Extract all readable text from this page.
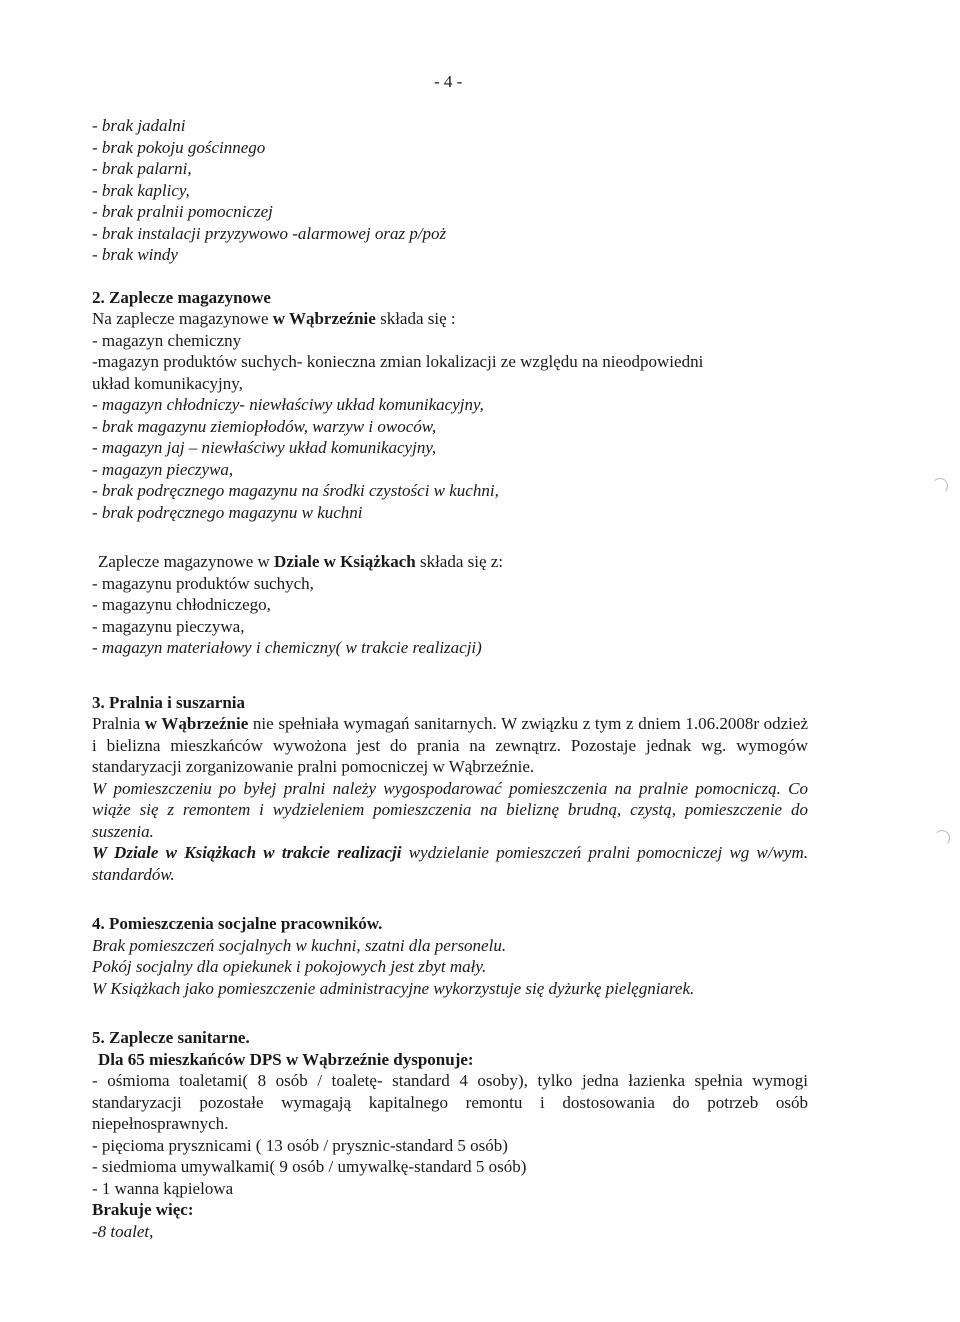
- 4 -
- brak jadalni
- brak pokoju gościnnego
- brak palarni,
- brak kaplicy,
- brak pralnii pomocniczej
- brak instalacji przyzywowo -alarmowej oraz p/poż
- brak windy
2. Zaplecze magazynowe
Na zaplecze magazynowe w Wąbrzeźnie składa się :
- magazyn chemiczny
-magazyn produktów suchych- konieczna zmian lokalizacji ze względu na nieodpowiedni
układ komunikacyjny,
- magazyn chłodniczy- niewłaściwy układ komunikacyjny,
- brak magazynu ziemiopłodów, warzyw i owoców,
- magazyn jaj – niewłaściwy układ komunikacyjny,
- magazyn pieczywa,
- brak podręcznego magazynu na środki czystości w kuchni,
- brak podręcznego magazynu w kuchni
Zaplecze magazynowe w Dziale w Książkach składa się z:
- magazynu produktów suchych,
- magazynu chłodniczego,
- magazynu pieczywa,
- magazyn materiałowy i chemiczny( w trakcie realizacji)
3. Pralnia i suszarnia
Pralnia w Wąbrzeźnie nie spełniała wymagań sanitarnych. W związku z tym z dniem 1.06.2008r odzież i bielizna mieszkańców wywożona jest do prania na zewnątrz. Pozostaje jednak wg. wymogów standaryzacji zorganizowanie pralni pomocniczej w Wąbrzeźnie.
W pomieszczeniu po byłej pralni należy wygospodarować pomieszczenia na pralnie pomocniczą. Co wiąże się z remontem i wydzieleniem pomieszczenia na bieliznę brudną, czystą, pomieszczenie do suszenia.
W Dziale w Książkach w trakcie realizacji wydzielanie pomieszczeń pralni pomocniczej wg w/wym. standardów.
4. Pomieszczenia socjalne pracowników.
Brak pomieszczeń socjalnych w kuchni, szatni dla personelu.
Pokój socjalny dla opiekunek i pokojowych jest zbyt mały.
W Książkach jako pomieszczenie administracyjne wykorzystuje się dyżurkę pielęgniarek.
5. Zaplecze sanitarne.
Dla 65 mieszkańców DPS w Wąbrzeźnie dysponuje:
- ośmioma toaletami( 8 osób / toaletę- standard 4 osoby), tylko jedna łazienka spełnia wymogi standaryzacji pozostałe wymagają kapitalnego remontu i dostosowania do potrzeb osób niepełnosprawnych.
- pięcioma prysznicami ( 13 osób / prysznic-standard 5 osób)
- siedmioma umywalkami( 9 osób / umywalkę-standard 5 osób)
- 1 wanna kąpielowa
Brakuje więc:
-8 toalet,
